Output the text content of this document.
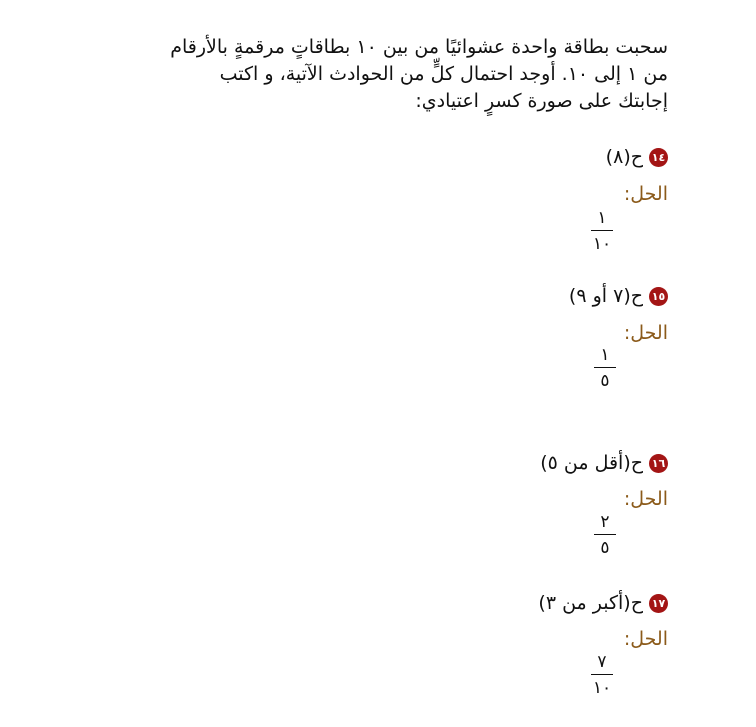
سحبت بطاقة واحدة عشوائيًا من بين ١٠ بطاقاتٍ مرقمةٍ بالأرقام
من ١ إلى ١٠. أوجد احتمال كلٍّ من الحوادث الآتية، و اكتب
إجابتك على صورة كسرٍ اعتيادي:
١٤
ح(٨)
الحل:
١
١٠
١٥
ح(٧ أو ٩)
الحل:
١
٥
١٦
ح(أقل من ٥)
الحل:
٢
٥
١٧
ح(أكبر من ٣)
الحل:
٧
١٠
